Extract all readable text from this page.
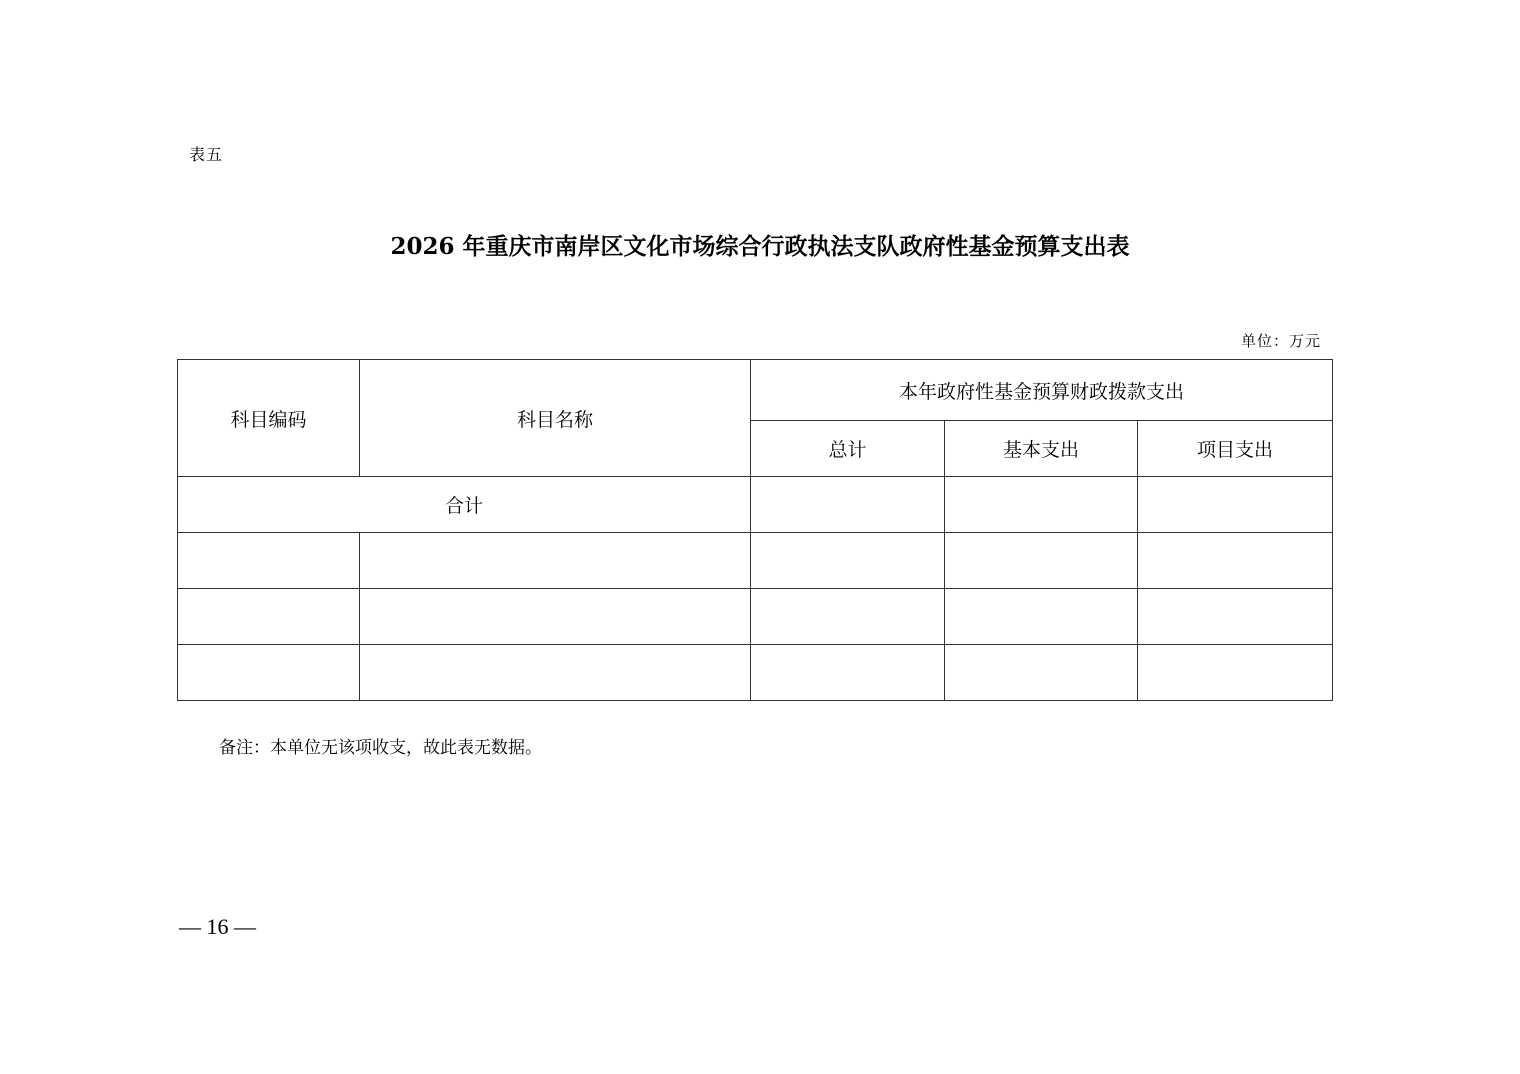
表五
2026 年重庆市南岸区文化市场综合行政执法支队政府性基金预算支出表
单位：万元
科目编码	科目名称	本年政府性基金预算财政拨款支出		
		总计	基本支出	项目支出
合计				

备注：本单位无该项收支，故此表无数据。
— 16 —
